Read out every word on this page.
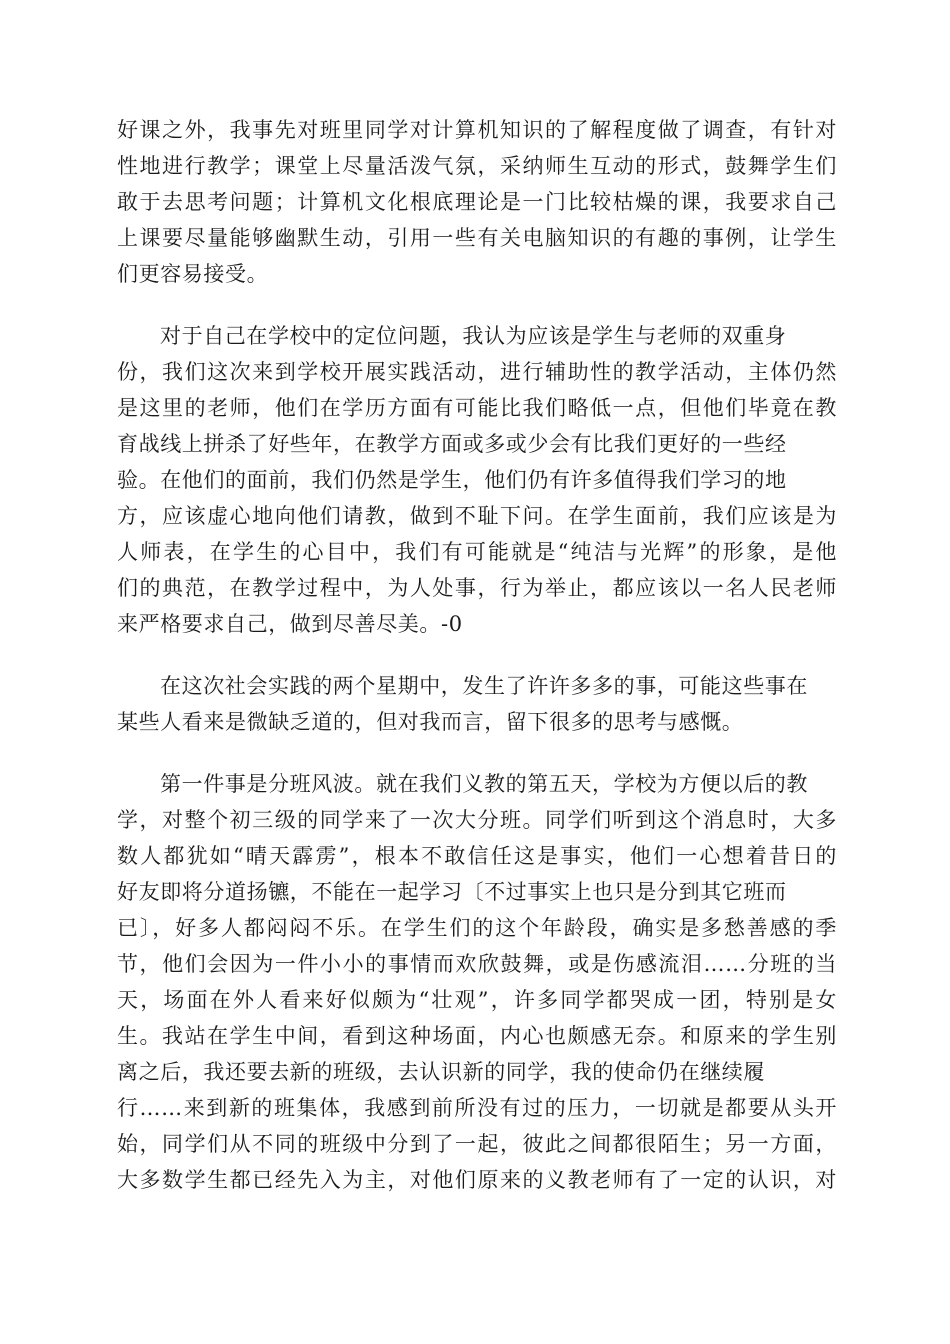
好课之外，我事先对班里同学对计算机知识的了解程度做了调查，有针对
性地进行教学；课堂上尽量活泼气氛，采纳师生互动的形式，鼓舞学生们
敢于去思考问题；计算机文化根底理论是一门比较枯燥的课，我要求自己
上课要尽量能够幽默生动，引用一些有关电脑知识的有趣的事例，让学生
们更容易接受。
对于自己在学校中的定位问题，我认为应该是学生与老师的双重身
份，我们这次来到学校开展实践活动，进行辅助性的教学活动，主体仍然
是这里的老师，他们在学历方面有可能比我们略低一点，但他们毕竟在教
育战线上拼杀了好些年，在教学方面或多或少会有比我们更好的一些经
验。在他们的面前，我们仍然是学生，他们仍有许多值得我们学习的地
方，应该虚心地向他们请教，做到不耻下问。在学生面前，我们应该是为
人师表，在学生的心目中，我们有可能就是“纯洁与光辉”的形象，是他
们的典范，在教学过程中，为人处事，行为举止，都应该以一名人民老师
来严格要求自己，做到尽善尽美。-0
在这次社会实践的两个星期中，发生了许许多多的事，可能这些事在
某些人看来是微缺乏道的，但对我而言，留下很多的思考与感慨。
第一件事是分班风波。就在我们义教的第五天，学校为方便以后的教
学，对整个初三级的同学来了一次大分班。同学们听到这个消息时，大多
数人都犹如“晴天霹雳”，根本不敢信任这是事实，他们一心想着昔日的
好友即将分道扬镳，不能在一起学习〔不过事实上也只是分到其它班而
已〕，好多人都闷闷不乐。在学生们的这个年龄段，确实是多愁善感的季
节，他们会因为一件小小的事情而欢欣鼓舞，或是伤感流泪……分班的当
天，场面在外人看来好似颇为“壮观”，许多同学都哭成一团，特别是女
生。我站在学生中间，看到这种场面，内心也颇感无奈。和原来的学生别
离之后，我还要去新的班级，去认识新的同学，我的使命仍在继续履
行……来到新的班集体，我感到前所没有过的压力，一切就是都要从头开
始，同学们从不同的班级中分到了一起，彼此之间都很陌生；另一方面，
大多数学生都已经先入为主，对他们原来的义教老师有了一定的认识，对
